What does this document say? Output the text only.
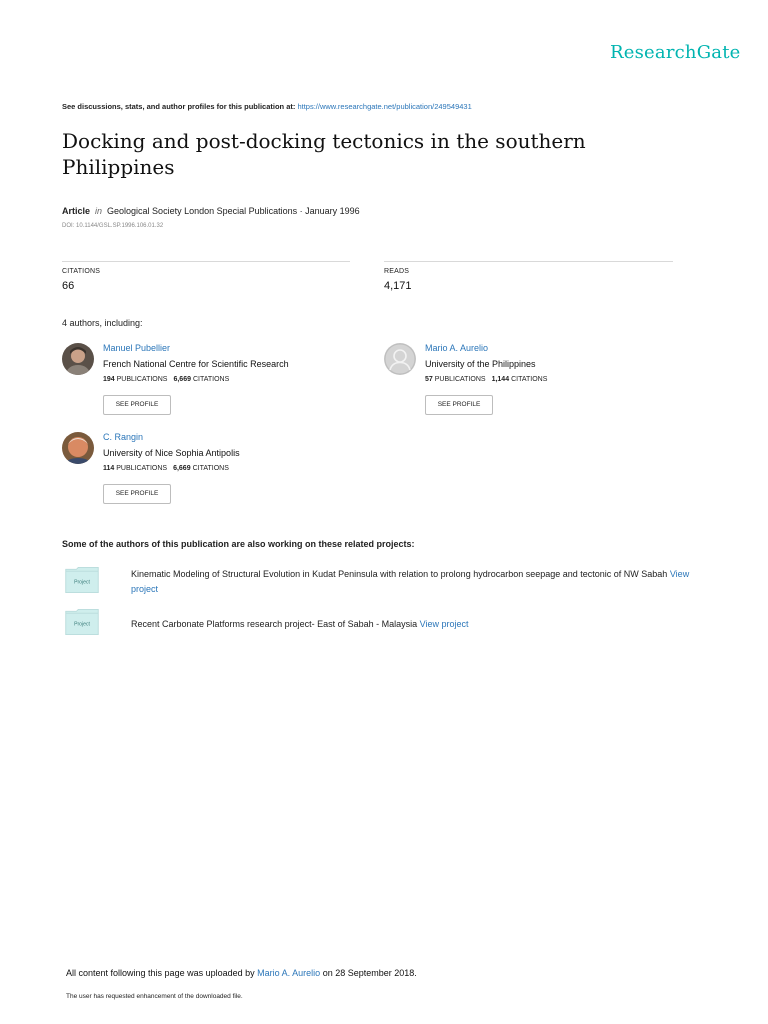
ResearchGate
See discussions, stats, and author profiles for this publication at: https://www.researchgate.net/publication/249549431
Docking and post-docking tectonics in the southern Philippines
Article in Geological Society London Special Publications · January 1996
DOI: 10.1144/GSL.SP.1996.106.01.32
CITATIONS
66
READS
4,171
4 authors, including:
Manuel Pubellier
French National Centre for Scientific Research
194 PUBLICATIONS 6,669 CITATIONS
SEE PROFILE
Mario A. Aurelio
University of the Philippines
57 PUBLICATIONS 1,144 CITATIONS
SEE PROFILE
C. Rangin
University of Nice Sophia Antipolis
114 PUBLICATIONS 6,669 CITATIONS
SEE PROFILE
Some of the authors of this publication are also working on these related projects:
Project
Kinematic Modeling of Structural Evolution in Kudat Peninsula with relation to prolong hydrocarbon seepage and tectonic of NW Sabah View project
Project	Recent Carbonate Platforms research project- East of Sabah - Malaysia View project
All content following this page was uploaded by Mario A. Aurelio on 28 September 2018.
The user has requested enhancement of the downloaded file.
